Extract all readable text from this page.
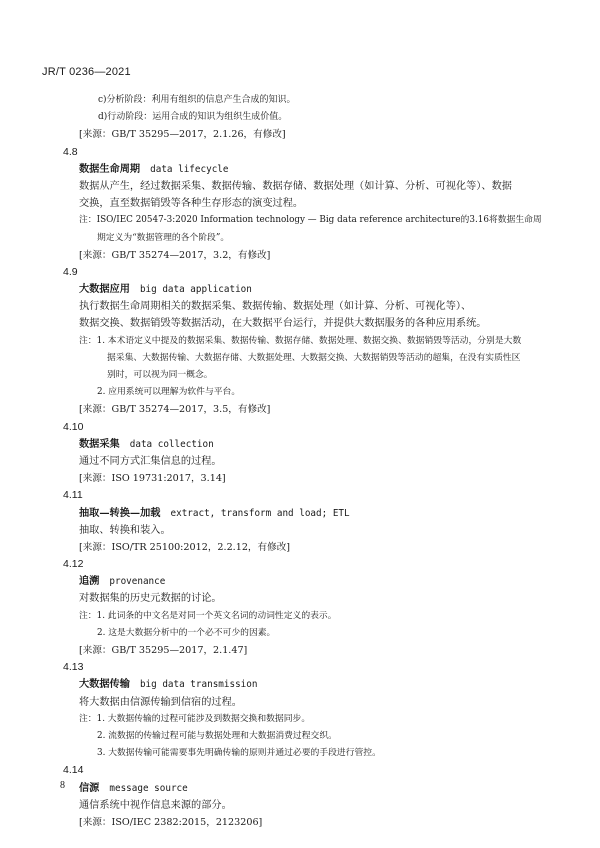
JR/T 0236—2021
c)分析阶段：利用有组织的信息产生合成的知识。
d)行动阶段：运用合成的知识为组织生成价值。
[来源：GB/T 35295—2017，2.1.26，有修改]
4.8
数据生命周期 data lifecycle
数据从产生，经过数据采集、数据传输、数据存储、数据处理（如计算、分析、可视化等）、数据
交换，直至数据销毁等各种生存形态的演变过程。
注：ISO/IEC 20547-3:2020 Information technology — Big data reference architecture的3.16将数据生命周
期定义为“数据管理的各个阶段”。
[来源：GB/T 35274—2017，3.2，有修改]
4.9
大数据应用 big data application
执行数据生命周期相关的数据采集、数据传输、数据处理（如计算、分析、可视化等）、
数据交换、数据销毁等数据活动，在大数据平台运行，并提供大数据服务的各种应用系统。
注：1. 本术语定义中提及的数据采集、数据传输、数据存储、数据处理、数据交换、数据销毁等活动，分别是大数
据采集、大数据传输、大数据存储、大数据处理、大数据交换、大数据销毁等活动的超集，在没有实质性区
别时，可以视为同一概念。
2. 应用系统可以理解为软件与平台。
[来源：GB/T 35274—2017，3.5，有修改]
4.10
数据采集 data collection
通过不同方式汇集信息的过程。
[来源：ISO 19731:2017，3.14]
4.11
抽取—转换—加载 extract, transform and load; ETL
抽取、转换和装入。
[来源：ISO/TR 25100:2012，2.2.12，有修改]
4.12
追溯 provenance
对数据集的历史元数据的讨论。
注：1. 此词条的中文名是对同一个英文名词的动词性定义的表示。
2. 这是大数据分析中的一个必不可少的因素。
[来源：GB/T 35295—2017，2.1.47]
4.13
大数据传输 big data transmission
将大数据由信源传输到信宿的过程。
注：1. 大数据传输的过程可能涉及到数据交换和数据同步。
2. 流数据的传输过程可能与数据处理和大数据消费过程交织。
3. 大数据传输可能需要事先明确传输的原则并通过必要的手段进行管控。
4.14
信源 message source
通信系统中视作信息来源的部分。
[来源：ISO/IEC 2382:2015，2123206]
8
